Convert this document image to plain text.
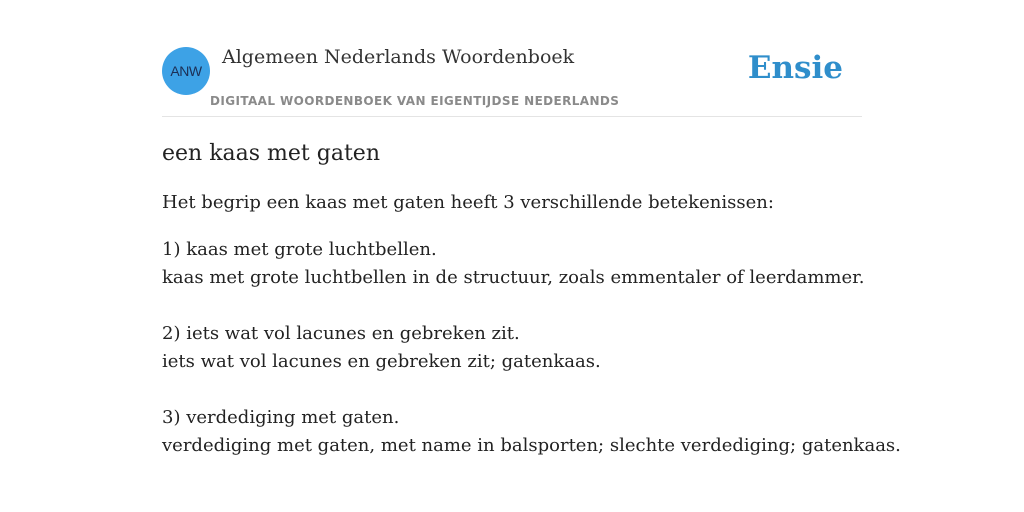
ANW
Algemeen Nederlands Woordenboek
DIGITAAL WOORDENBOEK VAN EIGENTIJDSE NEDERLANDS
Ensie
een kaas met gaten

Het begrip een kaas met gaten heeft 3 verschillende betekenissen:

1) kaas met grote luchtbellen.
kaas met grote luchtbellen in de structuur, zoals emmentaler of leerdammer.
2) iets wat vol lacunes en gebreken zit.
iets wat vol lacunes en gebreken zit; gatenkaas.
3) verdediging met gaten.
verdediging met gaten, met name in balsporten; slechte verdediging; gatenkaas.
